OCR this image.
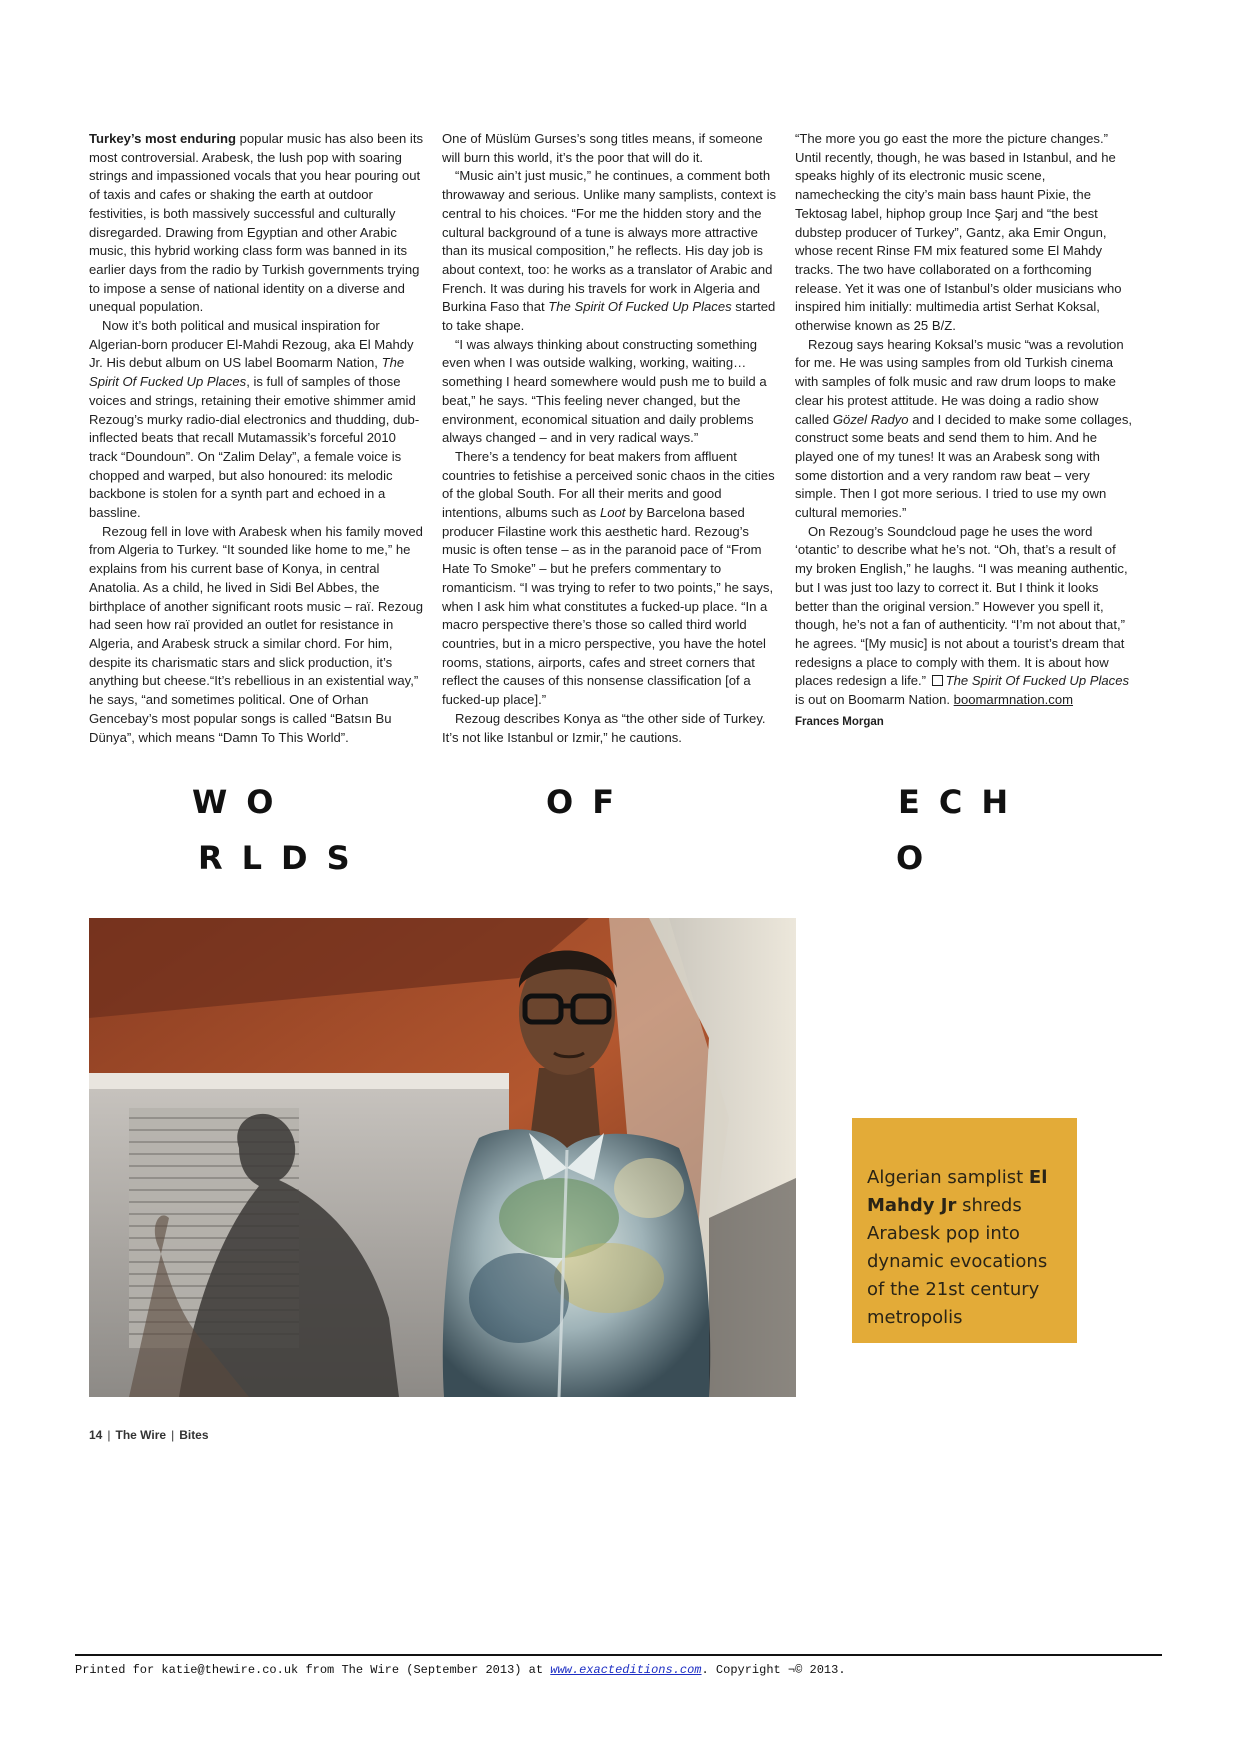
Turkey’s most enduring popular music has also been its most controversial. Arabesk, the lush pop with soaring strings and impassioned vocals that you hear pouring out of taxis and cafes or shaking the earth at outdoor festivities, is both massively successful and culturally disregarded. Drawing from Egyptian and other Arabic music, this hybrid working class form was banned in its earlier days from the radio by Turkish governments trying to impose a sense of national identity on a diverse and unequal population.

Now it’s both political and musical inspiration for Algerian-born producer El-Mahdi Rezoug, aka El Mahdy Jr. His debut album on US label Boomarm Nation, The Spirit Of Fucked Up Places, is full of samples of those voices and strings, retaining their emotive shimmer amid Rezoug’s murky radio-dial electronics and thudding, dub-inflected beats that recall Mutamassik’s forceful 2010 track “Doundoun”. On “Zalim Delay”, a female voice is chopped and warped, but also honoured: its melodic backbone is stolen for a synth part and echoed in a bassline.

Rezoug fell in love with Arabesk when his family moved from Algeria to Turkey. “It sounded like home to me,” he explains from his current base of Konya, in central Anatolia. As a child, he lived in Sidi Bel Abbes, the birthplace of another significant roots music – raï. Rezoug had seen how raï provided an outlet for resistance in Algeria, and Arabesk struck a similar chord. For him, despite its charismatic stars and slick production, it’s anything but cheese.“It’s rebellious in an existential way,” he says, “and sometimes political. One of Orhan Gencebay’s most popular songs is called “Batsın Bu Dünya”, which means “Damn To This World”.

One of Müslüm Gurses’s song titles means, if someone will burn this world, it’s the poor that will do it.

“Music ain’t just music,” he continues, a comment both throwaway and serious. Unlike many samplists, context is central to his choices. “For me the hidden story and the cultural background of a tune is always more attractive than its musical composition,” he reflects. His day job is about context, too: he works as a translator of Arabic and French. It was during his travels for work in Algeria and Burkina Faso that The Spirit Of Fucked Up Places started to take shape.

“I was always thinking about constructing something even when I was outside walking, working, waiting… something I heard somewhere would push me to build a beat,” he says. “This feeling never changed, but the environment, economical situation and daily problems always changed – and in very radical ways.”

There’s a tendency for beat makers from affluent countries to fetishise a perceived sonic chaos in the cities of the global South. For all their merits and good intentions, albums such as Loot by Barcelona based producer Filastine work this aesthetic hard. Rezoug’s music is often tense – as in the paranoid pace of “From Hate To Smoke” – but he prefers commentary to romanticism. “I was trying to refer to two points,” he says, when I ask him what constitutes a fucked-up place. “In a macro perspective there’s those so called third world countries, but in a micro perspective, you have the hotel rooms, stations, airports, cafes and street corners that reflect the causes of this nonsense classification [of a fucked-up place].”

Rezoug describes Konya as “the other side of Turkey. It’s not like Istanbul or Izmir,” he cautions.

“The more you go east the more the picture changes.” Until recently, though, he was based in Istanbul, and he speaks highly of its electronic music scene, namechecking the city’s main bass haunt Pixie, the Tektosag label, hiphop group Ince Şarj and “the best dubstep producer of Turkey”, Gantz, aka Emir Ongun, whose recent Rinse FM mix featured some El Mahdy tracks. The two have collaborated on a forthcoming release. Yet it was one of Istanbul’s older musicians who inspired him initially: multimedia artist Serhat Koksal, otherwise known as 25 B/Z.

Rezoug says hearing Koksal’s music “was a revolution for me. He was using samples from old Turkish cinema with samples of folk music and raw drum loops to make clear his protest attitude. He was doing a radio show called Gözel Radyo and I decided to make some collages, construct some beats and send them to him. And he played one of my tunes! It was an Arabesk song with some distortion and a very random raw beat – very simple. Then I got more serious. I tried to use my own cultural memories.”

On Rezoug’s Soundcloud page he uses the word ‘otantic’ to describe what he’s not. “Oh, that’s a result of my broken English,” he laughs. “I was meaning authentic, but I was just too lazy to correct it. But I think it looks better than the original version.” However you spell it, though, he’s not a fan of authenticity. “I’m not about that,” he agrees. “[My music] is not about a tourist’s dream that redesigns a place to comply with them. It is about how places redesign a life.” The Spirit Of Fucked Up Places is out on Boomarm Nation. boomarmnation.com

Frances Morgan

WO
RLDS
OF	ECH
O

Algerian samplist El Mahdy Jr shreds Arabesk pop into dynamic evocations of the 21st century metropolis

14 | The Wire | Bites
Printed for katie@thewire.co.uk from The Wire (September 2013) at www.exacteditions.com. Copyright ¬© 2013.
